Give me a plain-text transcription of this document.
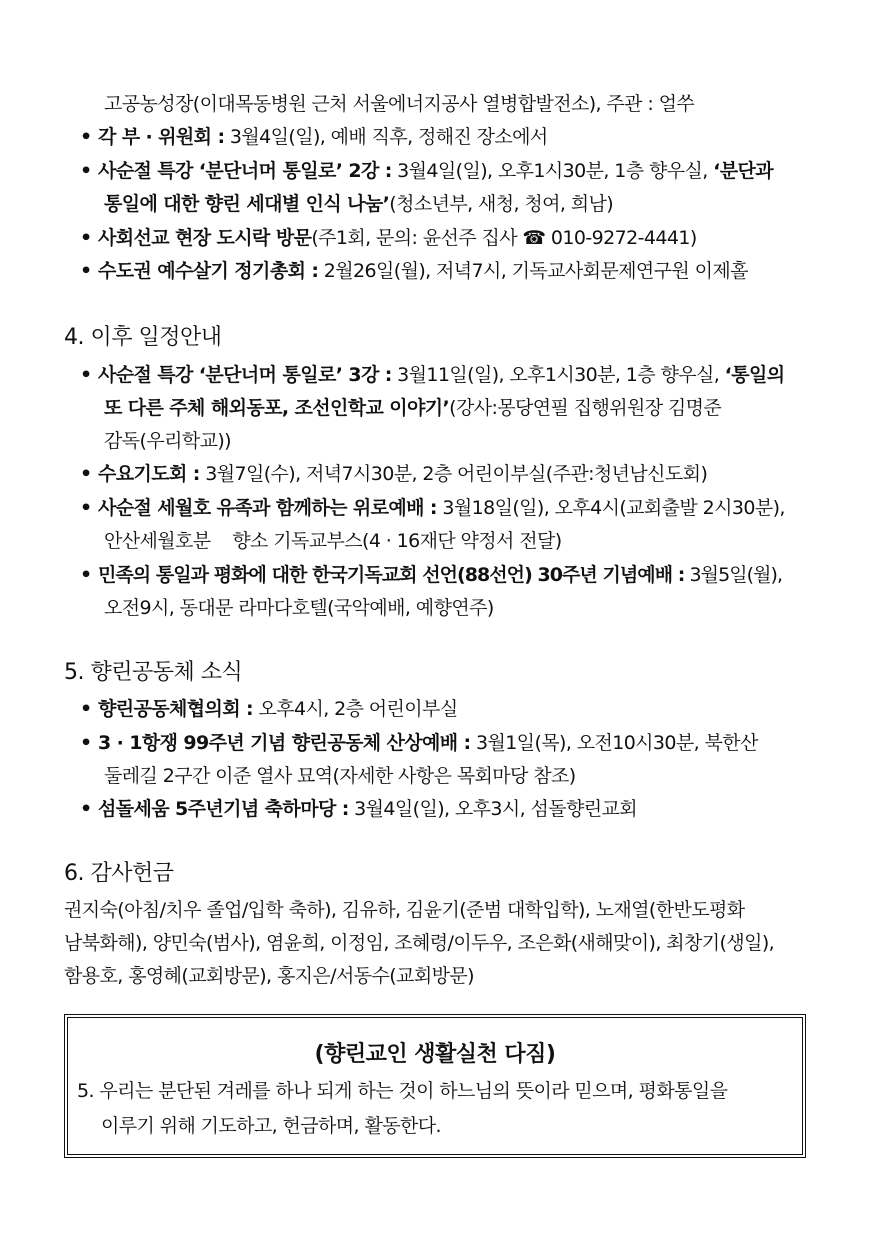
고공농성장(이대목동병원 근처 서울에너지공사 열병합발전소), 주관 : 얼쑤
• 각 부 · 위원회 : 3월4일(일), 예배 직후, 정해진 장소에서
• 사순절 특강 ‘분단너머 통일로’ 2강 : 3월4일(일), 오후1시30분, 1층 향우실, ‘분단과
통일에 대한 향린 세대별 인식 나눔’(청소년부, 새청, 청여, 희남)
• 사회선교 현장 도시락 방문(주1회, 문의: 윤선주 집사 ☎ 010-9272-4441)
• 수도권 예수살기 정기총회 : 2월26일(월), 저녁7시, 기독교사회문제연구원 이제홀
4. 이후 일정안내
• 사순절 특강 ‘분단너머 통일로’ 3강 : 3월11일(일), 오후1시30분, 1층 향우실, ‘통일의
또 다른 주체 해외동포, 조선인학교 이야기’(강사:몽당연필 집행위원장 김명준
감독(우리학교))
• 수요기도회 : 3월7일(수), 저녁7시30분, 2층 어린이부실(주관:청년남신도회)
• 사순절 세월호 유족과 함께하는 위로예배 : 3월18일(일), 오후4시(교회출발 2시30분),
안산세월호분    향소 기독교부스(4 · 16재단 약정서 전달)
• 민족의 통일과 평화에 대한 한국기독교회 선언(88선언) 30주년 기념예배 : 3월5일(월),
오전9시, 동대문 라마다호텔(국악예배, 예향연주)
5. 향린공동체 소식
• 향린공동체협의회 : 오후4시, 2층 어린이부실
• 3 · 1항쟁 99주년 기념 향린공동체 산상예배 : 3월1일(목), 오전10시30분, 북한산
둘레길 2구간 이준 열사 묘역(자세한 사항은 목회마당 참조)
• 섬돌세움 5주년기념 축하마당 : 3월4일(일), 오후3시, 섬돌향린교회
6. 감사헌금
권지숙(아침/치우 졸업/입학 축하), 김유하, 김윤기(준범 대학입학), 노재열(한반도평화
남북화해), 양민숙(범사), 염윤희, 이정임, 조혜령/이두우, 조은화(새해맞이), 최창기(생일),
함용호, 홍영혜(교회방문), 홍지은/서동수(교회방문)
(향린교인 생활실천 다짐)
5. 우리는 분단된 겨레를 하나 되게 하는 것이 하느님의 뜻이라 믿으며, 평화통일을
이루기 위해 기도하고, 헌금하며, 활동한다.
